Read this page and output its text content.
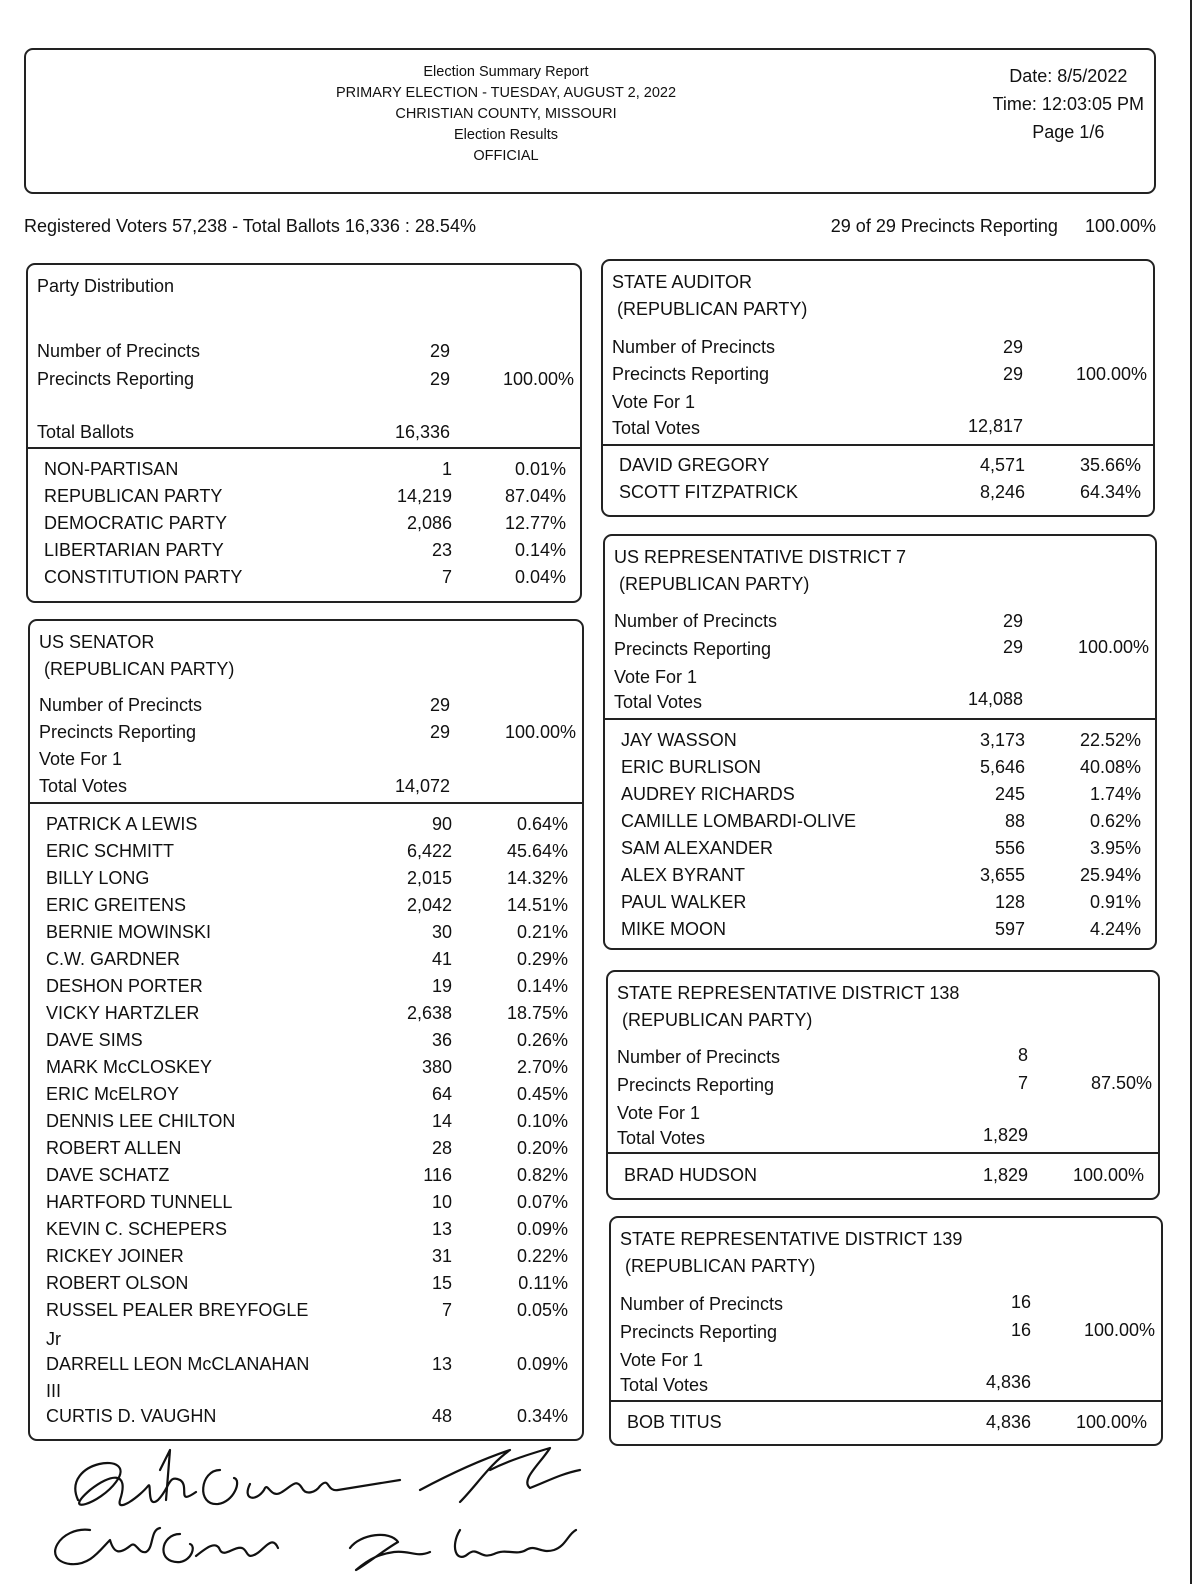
Election Summary Report
PRIMARY ELECTION - TUESDAY, AUGUST 2, 2022
CHRISTIAN COUNTY, MISSOURI
Election Results
OFFICIAL
Date: 8/5/2022
Time: 12:03:05 PM
Page 1/6
Registered Voters 57,238 - Total Ballots 16,336 : 28.54%	29 of 29 Precincts Reporting 100.00%
Party Distribution
Number of Precincts	29
Precincts Reporting	29	100.00%
Total Ballots	16,336
NON-PARTISAN	1	0.01%
REPUBLICAN PARTY	14,219	87.04%
DEMOCRATIC PARTY	2,086	12.77%
LIBERTARIAN PARTY	23	0.14%
CONSTITUTION PARTY	7	0.04%
US SENATOR
(REPUBLICAN PARTY)
Number of Precincts	29
Precincts Reporting	29	100.00%
Vote For 1
Total Votes	14,072
PATRICK A LEWIS	90	0.64%
ERIC SCHMITT	6,422	45.64%
BILLY LONG	2,015	14.32%
ERIC GREITENS	2,042	14.51%
BERNIE MOWINSKI	30	0.21%
C.W. GARDNER	41	0.29%
DESHON PORTER	19	0.14%
VICKY HARTZLER	2,638	18.75%
DAVE SIMS	36	0.26%
MARK McCLOSKEY	380	2.70%
ERIC McELROY	64	0.45%
DENNIS LEE CHILTON	14	0.10%
ROBERT ALLEN	28	0.20%
DAVE SCHATZ	116	0.82%
HARTFORD TUNNELL	10	0.07%
KEVIN C. SCHEPERS	13	0.09%
RICKEY JOINER	31	0.22%
ROBERT OLSON	15	0.11%
RUSSEL PEALER BREYFOGLE	7	0.05%
Jr
DARRELL LEON McCLANAHAN	13	0.09%
III
CURTIS D. VAUGHN	48	0.34%
STATE AUDITOR
(REPUBLICAN PARTY)
Number of Precincts	29
Precincts Reporting	29	100.00%
Vote For 1
Total Votes	12,817
DAVID GREGORY	4,571	35.66%
SCOTT FITZPATRICK	8,246	64.34%
US REPRESENTATIVE DISTRICT 7
(REPUBLICAN PARTY)
Number of Precincts	29
Precincts Reporting	29	100.00%
Vote For 1
Total Votes	14,088
JAY WASSON	3,173	22.52%
ERIC BURLISON	5,646	40.08%
AUDREY RICHARDS	245	1.74%
CAMILLE LOMBARDI-OLIVE	88	0.62%
SAM ALEXANDER	556	3.95%
ALEX BYRANT	3,655	25.94%
PAUL WALKER	128	0.91%
MIKE MOON	597	4.24%
STATE REPRESENTATIVE DISTRICT 138
(REPUBLICAN PARTY)
Number of Precincts	8
Precincts Reporting	7	87.50%
Vote For 1
Total Votes	1,829
BRAD HUDSON	1,829 100.00%
STATE REPRESENTATIVE DISTRICT 139
(REPUBLICAN PARTY)
Number of Precincts	16
Precincts Reporting	16	100.00%
Vote For 1
Total Votes	4,836
BOB TITUS	4,836 100.00%
